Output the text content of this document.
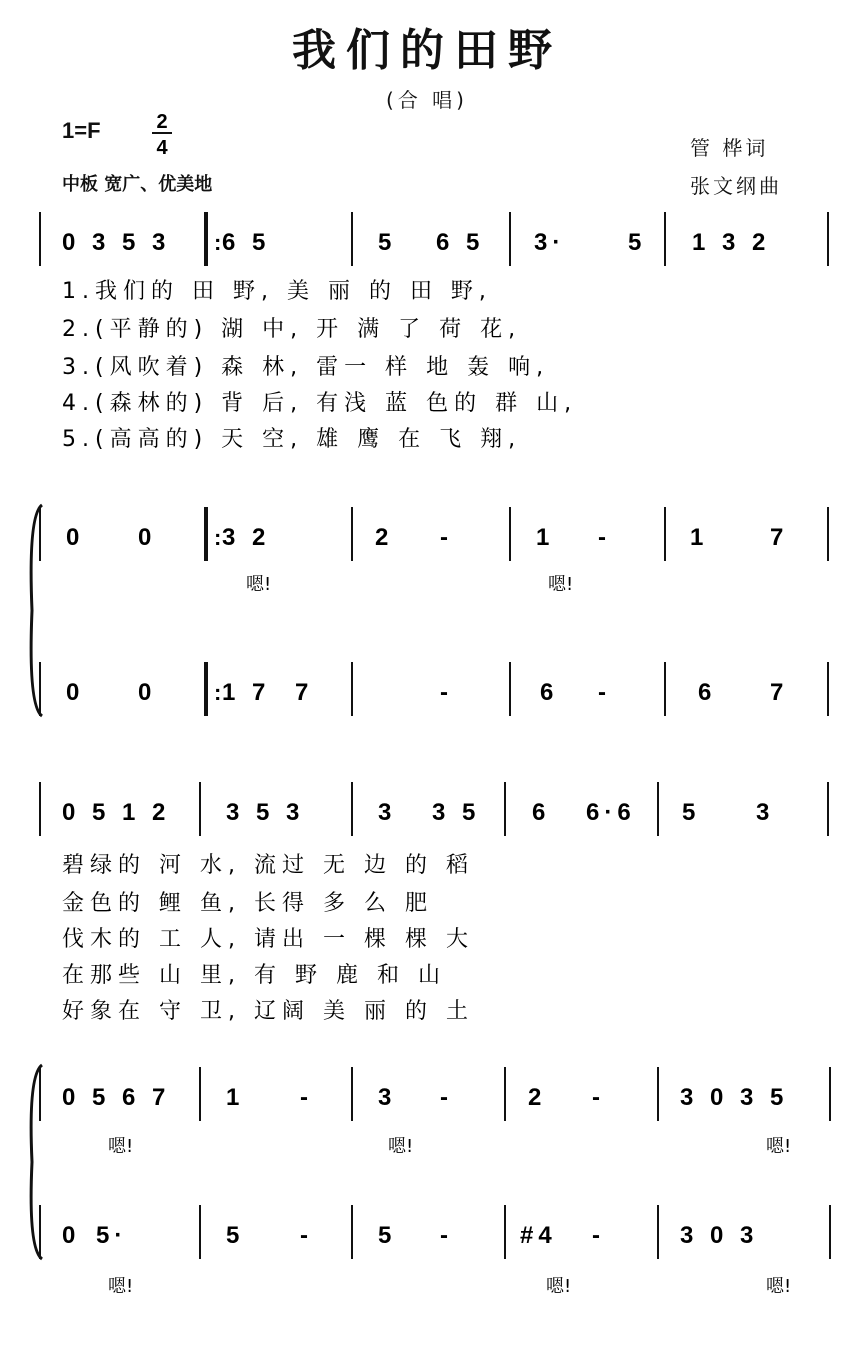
我们的田野
(合 唱)
1=F
中板 宽广、优美地
管 桦词
张文纲曲
2
4
0 3 5 3 : 6 5	5 6 5 3·	5 1 3 2
0 0	: 3 2	2 -	1 -	1	7
嗯!	嗯!
0 0	: 1 7 7	-	6 -	6 7
1.我们的 田 野, 美 丽 的 田 野,
2.(平静的) 湖 中, 开 满 了 荷 花,
3.(风吹着) 森 林, 雷一 样 地 轰 响,
4.(森林的) 背 后, 有浅 蓝 色的 群 山,
5.(高高的) 天 空, 雄 鹰 在 飞 翔,
0 5 1 2 3 5 3	3 3 5 6 6·6 5 3
0 5 6 7 1 -	3 -	2 -	3 0 3 5
嗯!	嗯!	嗯!
0 5·	5 -	5 -	#4 -	3 0 3
嗯!	嗯!	嗯!
碧绿的 河 水, 流过 无 边 的 稻
金色的 鲤 鱼, 长得 多 么 肥
伐木的 工 人, 请出 一 棵 棵 大
在那些 山 里, 有 野 鹿 和 山
好象在 守 卫, 辽阔 美 丽 的 土
